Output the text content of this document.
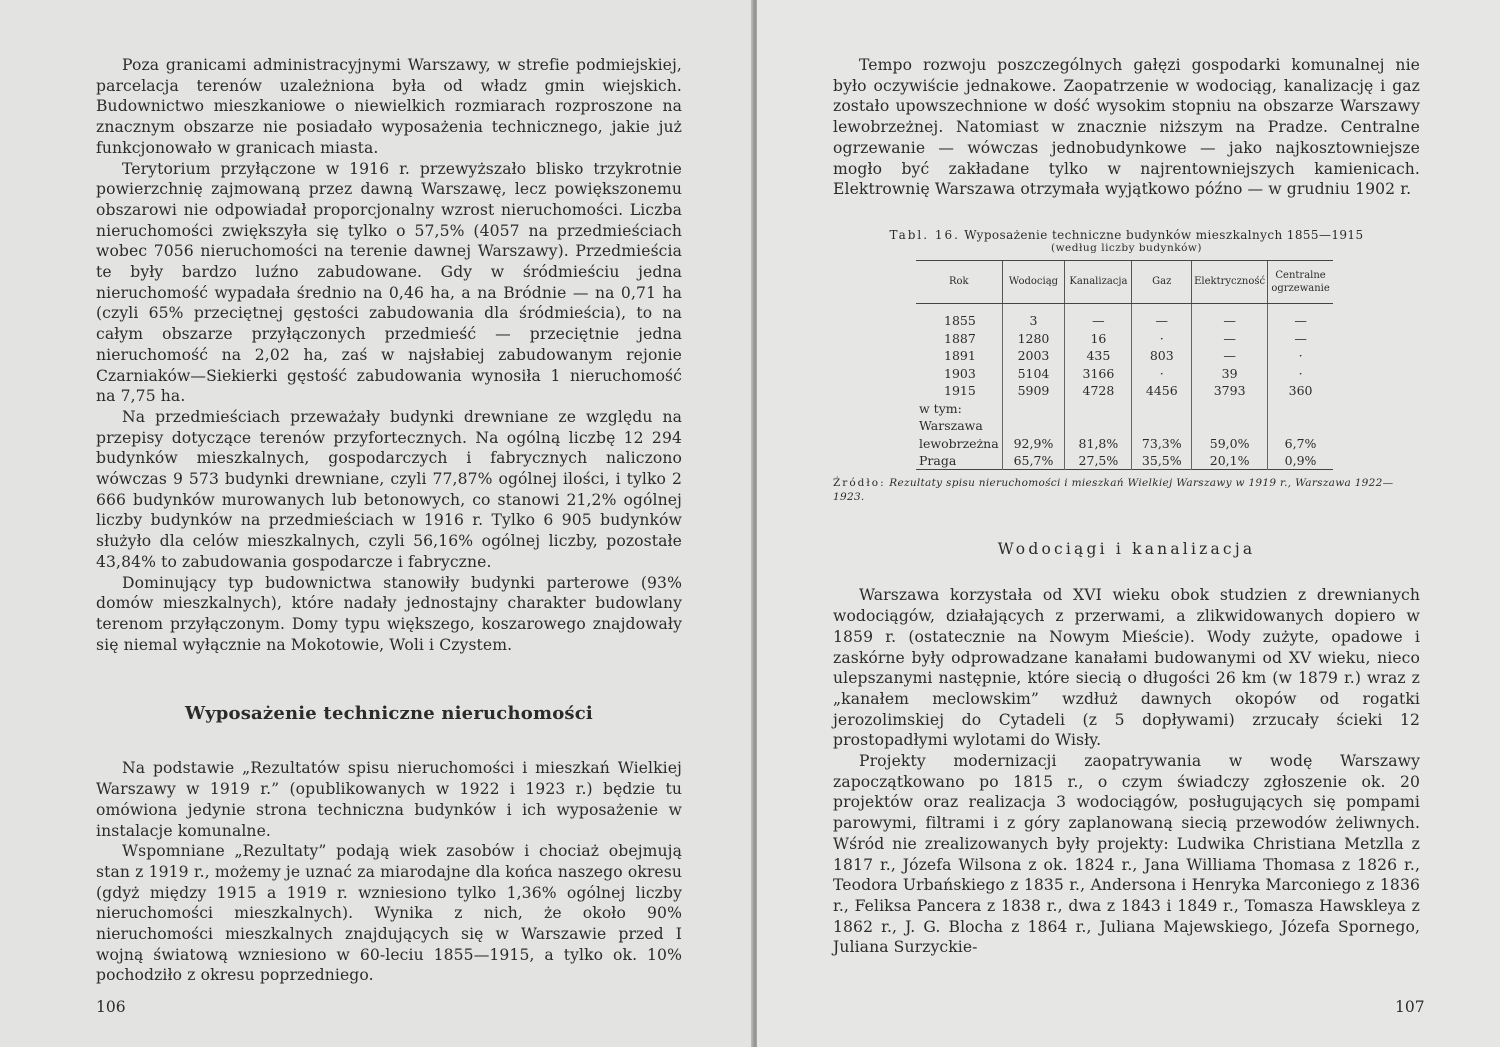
Poza granicami administracyjnymi Warszawy, w strefie podmiejskiej, parcelacja terenów uzależniona była od władz gmin wiejskich. Budownictwo mieszkaniowe o niewielkich rozmiarach rozproszone na znacznym obszarze nie posiadało wyposażenia technicznego, jakie już funkcjonowało w granicach miasta.

Terytorium przyłączone w 1916 r. przewyższało blisko trzykrotnie powierzchnię zajmowaną przez dawną Warszawę, lecz powiększonemu obszarowi nie odpowiadał proporcjonalny wzrost nieruchomości. Liczba nieruchomości zwiększyła się tylko o 57,5% (4057 na przedmieściach wobec 7056 nieruchomości na terenie dawnej Warszawy). Przedmieścia te były bardzo luźno zabudowane. Gdy w śródmieściu jedna nieruchomość wypadała średnio na 0,46 ha, a na Bródnie — na 0,71 ha (czyli 65% przeciętnej gęstości zabudowania dla śródmieścia), to na całym obszarze przyłączonych przedmieść — przeciętnie jedna nieruchomość na 2,02 ha, zaś w najsłabiej zabudowanym rejonie Czarniaków—Siekierki gęstość zabudowania wynosiła 1 nieruchomość na 7,75 ha.

Na przedmieściach przeważały budynki drewniane ze względu na przepisy dotyczące terenów przyfortecznych. Na ogólną liczbę 12 294 budynków mieszkalnych, gospodarczych i fabrycznych naliczono wówczas 9 573 budynki drewniane, czyli 77,87% ogólnej ilości, i tylko 2 666 budynków murowanych lub betonowych, co stanowi 21,2% ogólnej liczby budynków na przedmieściach w 1916 r. Tylko 6 905 budynków służyło dla celów mieszkalnych, czyli 56,16% ogólnej liczby, pozostałe 43,84% to zabudowania gospodarcze i fabryczne.

Dominujący typ budownictwa stanowiły budynki parterowe (93% domów mieszkalnych), które nadały jednostajny charakter budowlany terenom przyłączonym. Domy typu większego, koszarowego znajdowały się niemal wyłącznie na Mokotowie, Woli i Czystem.

Wyposażenie techniczne nieruchomości

Na podstawie „Rezultatów spisu nieruchomości i mieszkań Wielkiej Warszawy w 1919 r.” (opublikowanych w 1922 i 1923 r.) będzie tu omówiona jedynie strona techniczna budynków i ich wyposażenie w instalacje komunalne.

Wspomniane „Rezultaty” podają wiek zasobów i chociaż obejmują stan z 1919 r., możemy je uznać za miarodajne dla końca naszego okresu (gdyż między 1915 a 1919 r. wzniesiono tylko 1,36% ogólnej liczby nieruchomości mieszkalnych). Wynika z nich, że około 90% nieruchomości mieszkalnych znajdujących się w Warszawie przed I wojną światową wzniesiono w 60-leciu 1855—1915, a tylko ok. 10% pochodziło z okresu poprzedniego.

106

Tempo rozwoju poszczególnych gałęzi gospodarki komunalnej nie było oczywiście jednakowe. Zaopatrzenie w wodociąg, kanalizację i gaz zostało upowszechnione w dość wysokim stopniu na obszarze Warszawy lewobrzeżnej. Natomiast w znacznie niższym na Pradze. Centralne ogrzewanie — wówczas jednobudynkowe — jako najkosztowniejsze mogło być zakładane tylko w najrentowniejszych kamienicach. Elektrownię Warszawa otrzymała wyjątkowo późno — w grudniu 1902 r.

Tabl. 16. Wyposażenie techniczne budynków mieszkalnych 1855—1915
(według liczby budynków)
Rok	Wodociąg	Kanalizacja	Gaz	Elektryczność	Centralne ogrzewanie

1855	3	—	—	—	—
1887	1280	16	·	—	—
1891	2003	435	803	—	·
1903	5104	3166	·	39	·
1915	5909	4728	4456	3793	360
w tym:					
Warszawa					
lewobrzeżna	92,9%	81,8%	73,3%	59,0%	6,7%
Praga	65,7%	27,5%	35,5%	20,1%	0,9%
Źródło: Rezultaty spisu nieruchomości i mieszkań Wielkiej Warszawy w 1919 r., Warszawa 1922—1923.
Wodociągi i kanalizacja

Warszawa korzystała od XVI wieku obok studzien z drewnianych wodociągów, działających z przerwami, a zlikwidowanych dopiero w 1859 r. (ostatecznie na Nowym Mieście). Wody zużyte, opadowe i zaskórne były odprowadzane kanałami budowanymi od XV wieku, nieco ulepszanymi następnie, które siecią o długości 26 km (w 1879 r.) wraz z „kanałem meclowskim” wzdłuż dawnych okopów od rogatki jerozolimskiej do Cytadeli (z 5 dopływami) zrzucały ścieki 12 prostopadłymi wylotami do Wisły.

Projekty modernizacji zaopatrywania w wodę Warszawy zapoczątkowano po 1815 r., o czym świadczy zgłoszenie ok. 20 projektów oraz realizacja 3 wodociągów, posługujących się pompami parowymi, filtrami i z góry zaplanowaną siecią przewodów żeliwnych. Wśród nie zrealizowanych były projekty: Ludwika Christiana Metzlla z 1817 r., Józefa Wilsona z ok. 1824 r., Jana Williama Thomasa z 1826 r., Teodora Urbańskiego z 1835 r., Andersona i Henryka Marconiego z 1836 r., Feliksa Pancera z 1838 r., dwa z 1843 i 1849 r., Tomasza Hawskleya z 1862 r., J. G. Blocha z 1864 r., Juliana Majewskiego, Józefa Spornego, Juliana Surzyckie-

107
